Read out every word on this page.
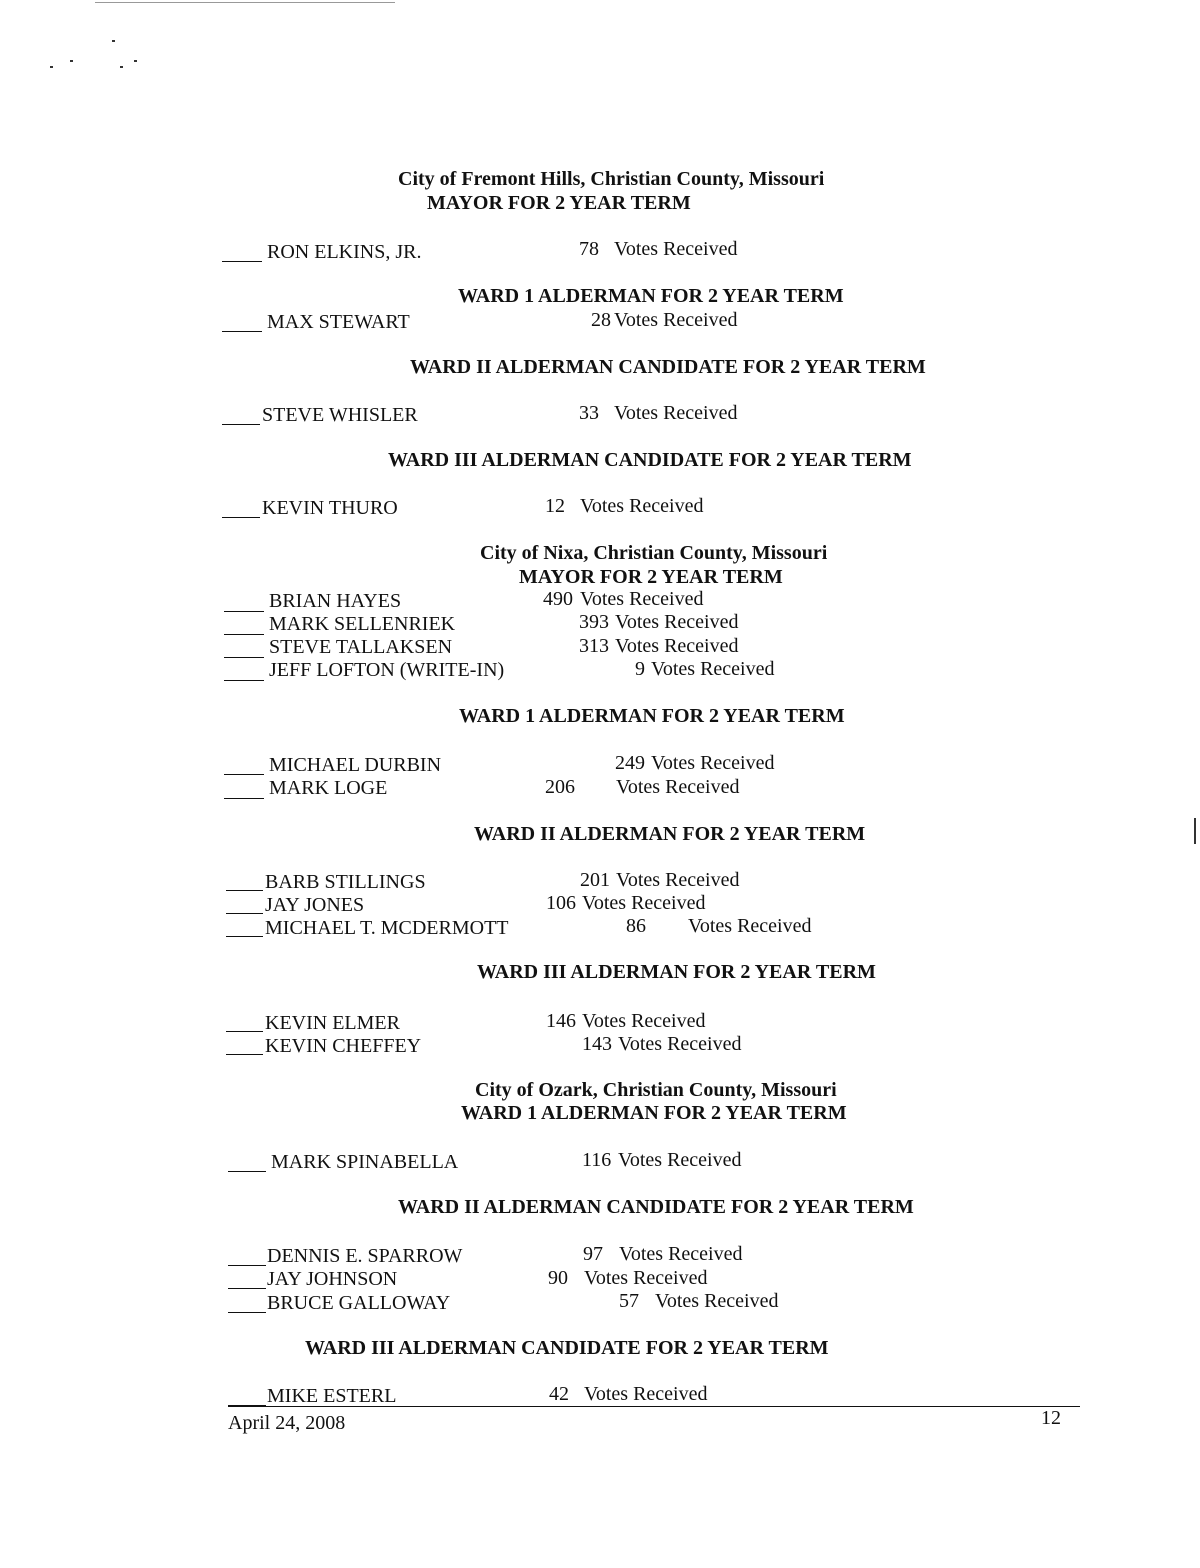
City of Fremont Hills, Christian County, Missouri
MAYOR FOR 2 YEAR TERM
RON ELKINS, JR.	78 Votes Received
WARD 1 ALDERMAN FOR 2 YEAR TERM
MAX STEWART	28 Votes Received
WARD II ALDERMAN CANDIDATE FOR 2 YEAR TERM
STEVE WHISLER	33 Votes Received
WARD III ALDERMAN CANDIDATE FOR 2 YEAR TERM
KEVIN THURO	12 Votes Received
City of Nixa, Christian County, Missouri
MAYOR FOR 2 YEAR TERM
BRIAN HAYES	490 Votes Received
MARK SELLENRIEK	393 Votes Received
STEVE TALLAKSEN	313 Votes Received
JEFF LOFTON (WRITE-IN)	9 Votes Received
WARD 1 ALDERMAN FOR 2 YEAR TERM
MICHAEL DURBIN	249 Votes Received
MARK LOGE	206 Votes Received
WARD II ALDERMAN FOR 2 YEAR TERM
BARB STILLINGS	201 Votes Received
JAY JONES	106 Votes Received
MICHAEL T. MCDERMOTT	86 Votes Received
WARD III ALDERMAN FOR 2 YEAR TERM
KEVIN ELMER	146 Votes Received
KEVIN CHEFFEY	143 Votes Received
City of Ozark, Christian County, Missouri
WARD 1 ALDERMAN FOR 2 YEAR TERM
MARK SPINABELLA	116 Votes Received
WARD II ALDERMAN CANDIDATE FOR 2 YEAR TERM
DENNIS E. SPARROW	97 Votes Received
JAY JOHNSON	90 Votes Received
BRUCE GALLOWAY	57 Votes Received
WARD III ALDERMAN CANDIDATE FOR 2 YEAR TERM
MIKE ESTERL	42 Votes Received
April 24, 2008	12
